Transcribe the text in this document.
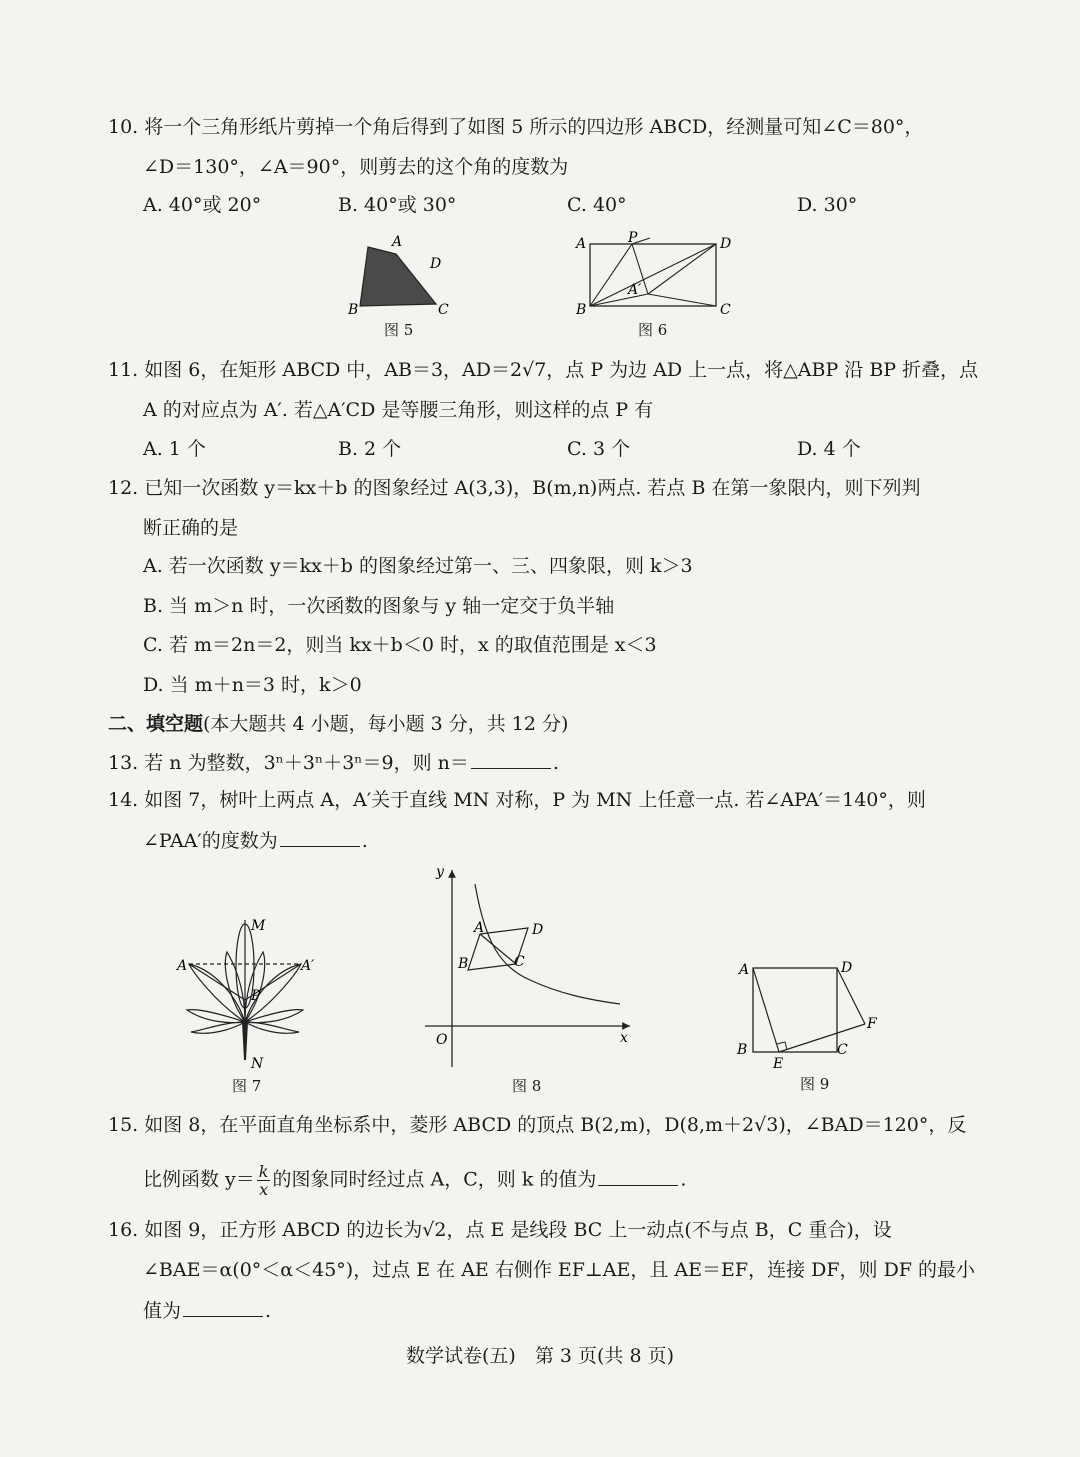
10. 将一个三角形纸片剪掉一个角后得到了如图 5 所示的四边形 ABCD，经测量可知∠C＝80°，
∠D＝130°，∠A＝90°，则剪去的这个角的度数为
A. 40°或 20°	B. 40°或 30°	C. 40°	D. 30°
A
D
B	C
图 5
A	P	D
A′
B	C
图 6
11. 如图 6，在矩形 ABCD 中，AB＝3，AD＝2√7，点 P 为边 AD 上一点，将△ABP 沿 BP 折叠，点
A 的对应点为 A′. 若△A′CD 是等腰三角形，则这样的点 P 有
A. 1 个	B. 2 个	C. 3 个	D. 4 个
12. 已知一次函数 y＝kx＋b 的图象经过 A(3,3)，B(m,n)两点. 若点 B 在第一象限内，则下列判
断正确的是
A. 若一次函数 y＝kx＋b 的图象经过第一、三、四象限，则 k＞3
B. 当 m＞n 时，一次函数的图象与 y 轴一定交于负半轴
C. 若 m＝2n＝2，则当 kx＋b＜0 时，x 的取值范围是 x＜3
D. 当 m＋n＝3 时，k＞0
二、填空题(本大题共 4 小题，每小题 3 分，共 12 分)
13. 若 n 为整数，3ⁿ＋3ⁿ＋3ⁿ＝9，则 n＝	.
14. 如图 7，树叶上两点 A，A′关于直线 MN 对称，P 为 MN 上任意一点. 若∠APA′＝140°，则
∠PAA′的度数为	.
M
A	A′
P
N
图 7
y
x
O
A	D
B	C
图 8
A	D
B	C
E
F
图 9
15. 如图 8，在平面直角坐标系中，菱形 ABCD 的顶点 B(2,m)，D(8,m＋2√3)，∠BAD＝120°，反
比例函数 $y= \frac{k}{x}$ 的图象同时经过点 A，C，则 k 的值为	.
16. 如图 9，正方形 ABCD 的边长为√2，点 E 是线段 BC 上一动点(不与点 B，C 重合)，设
∠BAE＝α(0°＜α＜45°)，过点 E 在 AE 右侧作 EF⊥AE，且 AE＝EF，连接 DF，则 DF 的最小
值为	.
数学试卷(五)　第 3 页(共 8 页)
